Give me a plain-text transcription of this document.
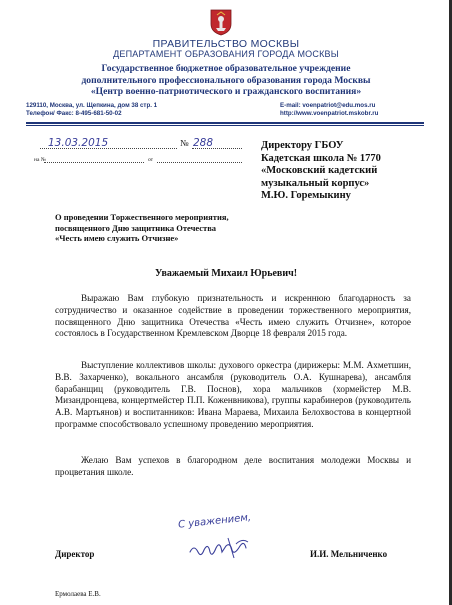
ПРАВИТЕЛЬСТВО МОСКВЫ
ДЕПАРТАМЕНТ ОБРАЗОВАНИЯ ГОРОДА МОСКВЫ
Государственное бюджетное образовательное учреждение
дополнительного профессионального образования города Москвы
«Центр военно-патриотического и гражданского воспитания»
129110, Москва, ул. Щепкина, дом 38 стр. 1
Телефон/ Факс: 8-495-681-50-02
E-mail: voenpatriot@edu.mos.ru
http://www.voenpatriot.mskobr.ru
13.03.2015	№ 288
на №	от
Директору ГБОУ
Кадетская школа № 1770
«Московский кадетский
музыкальный корпус»
М.Ю. Горемыкину
О проведении Торжественного мероприятия,
посвященного Дню защитника Отечества
«Честь имею служить Отчизне»
Уважаемый Михаил Юрьевич!
Выражаю Вам глубокую признательность и искреннюю благодарность за сотрудничество и оказанное содействие в проведении торжественного мероприятия, посвященного Дню защитника Отечества «Честь имею служить Отчизне», которое состоялось в Государственном Кремлевском Дворце 18 февраля 2015 года.
Выступление коллективов школы: духового оркестра (дирижеры: М.М. Ахметшин, В.В. Захарченко), вокального ансамбля (руководитель О.А. Кушнарева), ансамбля барабанщиц (руководитель Г.В. Поснов), хора мальчиков (хормейстер М.В. Мизандронцева, концертмейстер П.П. Коженвникова), группы карабинеров (руководитель А.В. Мартьянов) и воспитанников: Ивана Мараева, Михаила Белохвостова в концертной программе способствовало успешному проведению мероприятия.
Желаю Вам успехов в благородном деле воспитания молодежи Москвы и процветания школе.
С уважением,
Директор	И.И. Мельниченко
Ермолаева Е.В.
